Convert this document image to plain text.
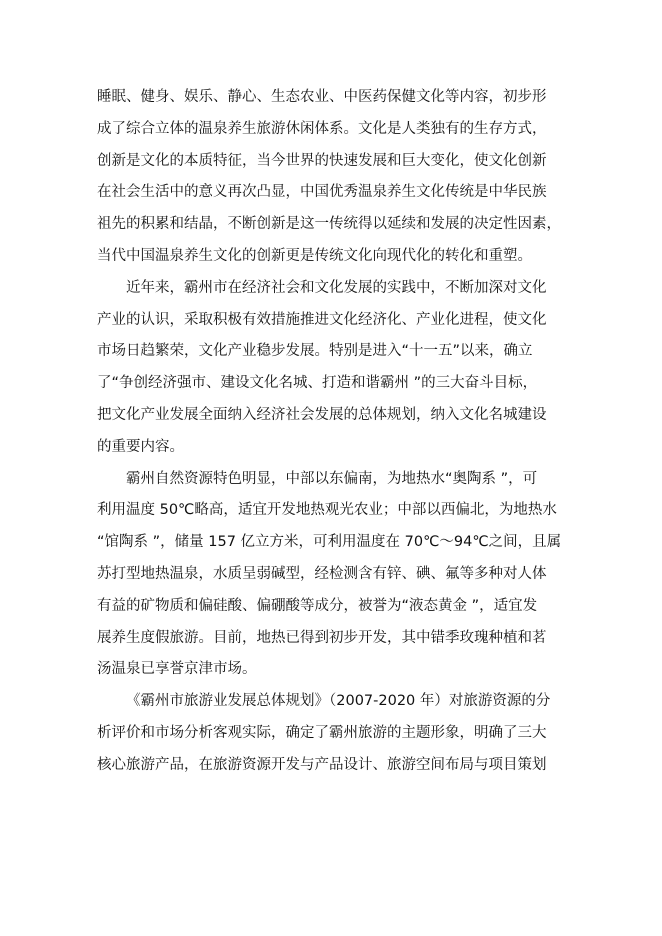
睡眠、健身、娱乐、静心、生态农业、中医药保健文化等内容，初步形
成了综合立体的温泉养生旅游休闲体系。文化是人类独有的生存方式，
创新是文化的本质特征，当今世界的快速发展和巨大变化，使文化创新
在社会生活中的意义再次凸显，中国优秀温泉养生文化传统是中华民族
祖先的积累和结晶，不断创新是这一传统得以延续和发展的决定性因素，
当代中国温泉养生文化的创新更是传统文化向现代化的转化和重塑。
近年来，霸州市在经济社会和文化发展的实践中，不断加深对文化
产业的认识，采取积极有效措施推进文化经济化、产业化进程，使文化
市场日趋繁荣，文化产业稳步发展。特别是进入“十一五”以来，确立
了“争创经济强市、建设文化名城、打造和谐霸州 ”的三大奋斗目标，
把文化产业发展全面纳入经济社会发展的总体规划，纳入文化名城建设
的重要内容。
霸州自然资源特色明显，中部以东偏南，为地热水“奥陶系 ”，可
利用温度 50℃略高，适宜开发地热观光农业；中部以西偏北，为地热水
“馆陶系 ”，储量 157 亿立方米，可利用温度在 70℃～94℃之间，且属
苏打型地热温泉，水质呈弱碱型，经检测含有锌、碘、氟等多种对人体
有益的矿物质和偏硅酸、偏硼酸等成分，被誉为“液态黄金 ”，适宜发
展养生度假旅游。目前，地热已得到初步开发，其中错季玫瑰种植和茗
汤温泉已享誉京津市场。
《霸州市旅游业发展总体规划》（2007-2020 年）对旅游资源的分
析评价和市场分析客观实际，确定了霸州旅游的主题形象，明确了三大
核心旅游产品，在旅游资源开发与产品设计、旅游空间布局与项目策划
